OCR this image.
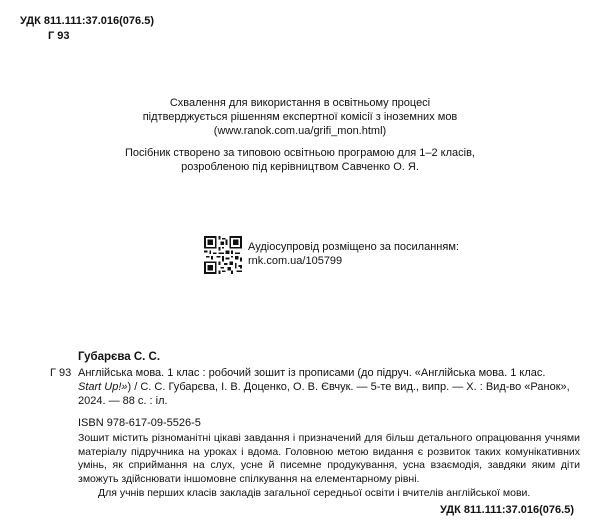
УДК 811.111:37.016(076.5)
Г 93
Схвалення для використання в освітньому процесі
підтверджується рішенням експертної комісії з іноземних мов
(www.ranok.com.ua/grifi_mon.html)
Посібник створено за типовою освітньою програмою для 1–2 класів,
розробленою під керівництвом Савченко О. Я.
Аудіосупровід розміщено за посиланням:
rnk.com.ua/105799
Губарєва С. С.
Г 93 Англійська мова. 1 клас : робочий зошит із прописами (до підруч. «Англійська мова. 1 клас.
Start Up!») / С. С. Губарєва, І. В. Доценко, О. В. Євчук. — 5-те вид., випр. — Х. : Вид-во «Ранок»,
2024. — 88 с. : іл.
ISBN 978-617-09-5526-5
Зошит містить різноманітні цікаві завдання і призначений для більш детального опрацювання учнями матеріалу підручника на уроках і вдома. Головною метою видання є розвиток таких комунікативних умінь, як сприймання на слух, усне й писемне продукування, усна взаємодія, завдяки яким діти зможуть здійснювати іншомовне спілкування на елементарному рівні.
Для учнів перших класів закладів загальної середньої освіти і вчителів англійської мови.
УДК 811.111:37.016(076.5)
